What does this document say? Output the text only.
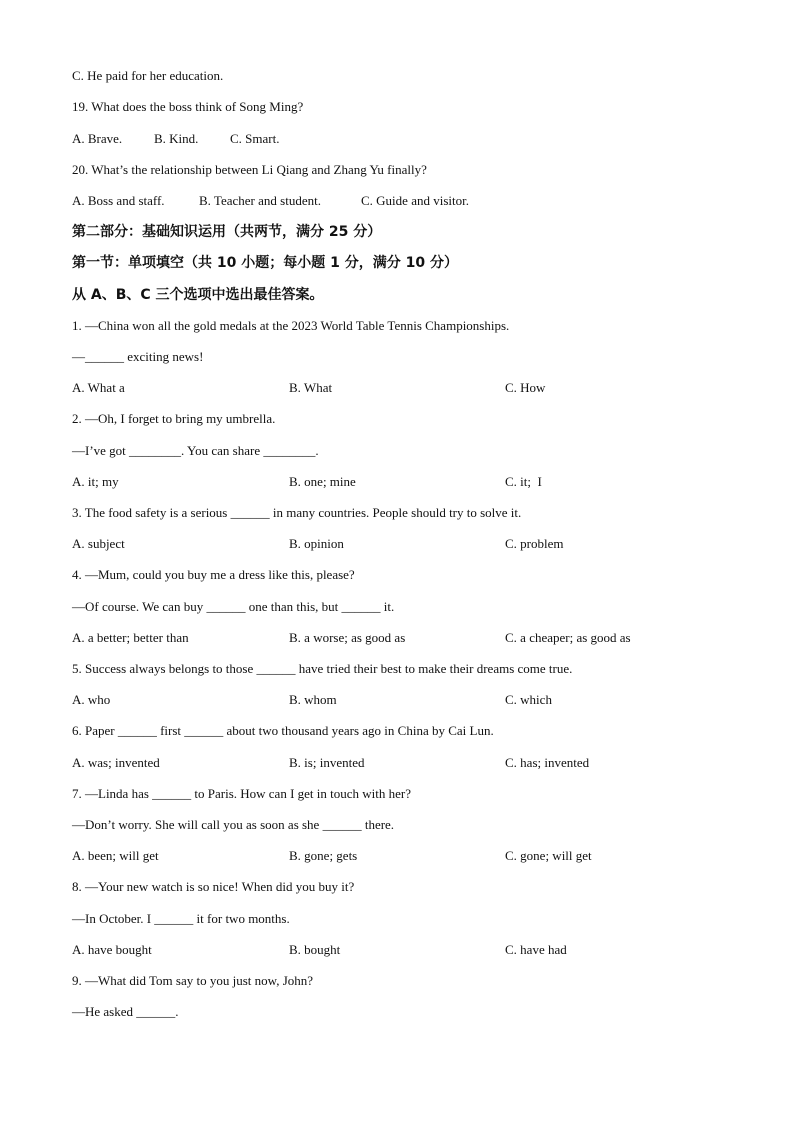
C. He paid for her education.
19. What does the boss think of Song Ming?
A. Brave. B. Kind. C. Smart.
20. What’s the relationship between Li Qiang and Zhang Yu finally?
A. Boss and staff.	B. Teacher and student.	C. Guide and visitor.
第二部分：基础知识运用（共两节，满分 25 分）
第一节：单项填空（共 10 小题；每小题 1 分，满分 10 分）
从 A、B、C 三个选项中选出最佳答案。
1. —China won all the gold medals at the 2023 World Table Tennis Championships.
—______ exciting news!
A. What a	B. What	C. How
2. —Oh, I forget to bring my umbrella.
—I’ve got ________. You can share ________.
A. it; my	B. one; mine	C. it;  I
3. The food safety is a serious ______ in many countries. People should try to solve it.
A. subject	B. opinion	C. problem
4. —Mum, could you buy me a dress like this, please?
—Of course. We can buy ______ one than this, but ______ it.
A. a better; better than	B. a worse; as good as	C. a cheaper; as good as
5. Success always belongs to those ______ have tried their best to make their dreams come true.
A. who	B. whom	C. which
6. Paper ______ first ______ about two thousand years ago in China by Cai Lun.
A. was; invented	B. is; invented	C. has; invented
7. —Linda has ______ to Paris. How can I get in touch with her?
—Don’t worry. She will call you as soon as she ______ there.
A. been; will get	B. gone; gets	C. gone; will get
8. —Your new watch is so nice! When did you buy it?
—In October. I ______ it for two months.
A. have bought	B. bought	C. have had
9. —What did Tom say to you just now, John?
—He asked ______.
